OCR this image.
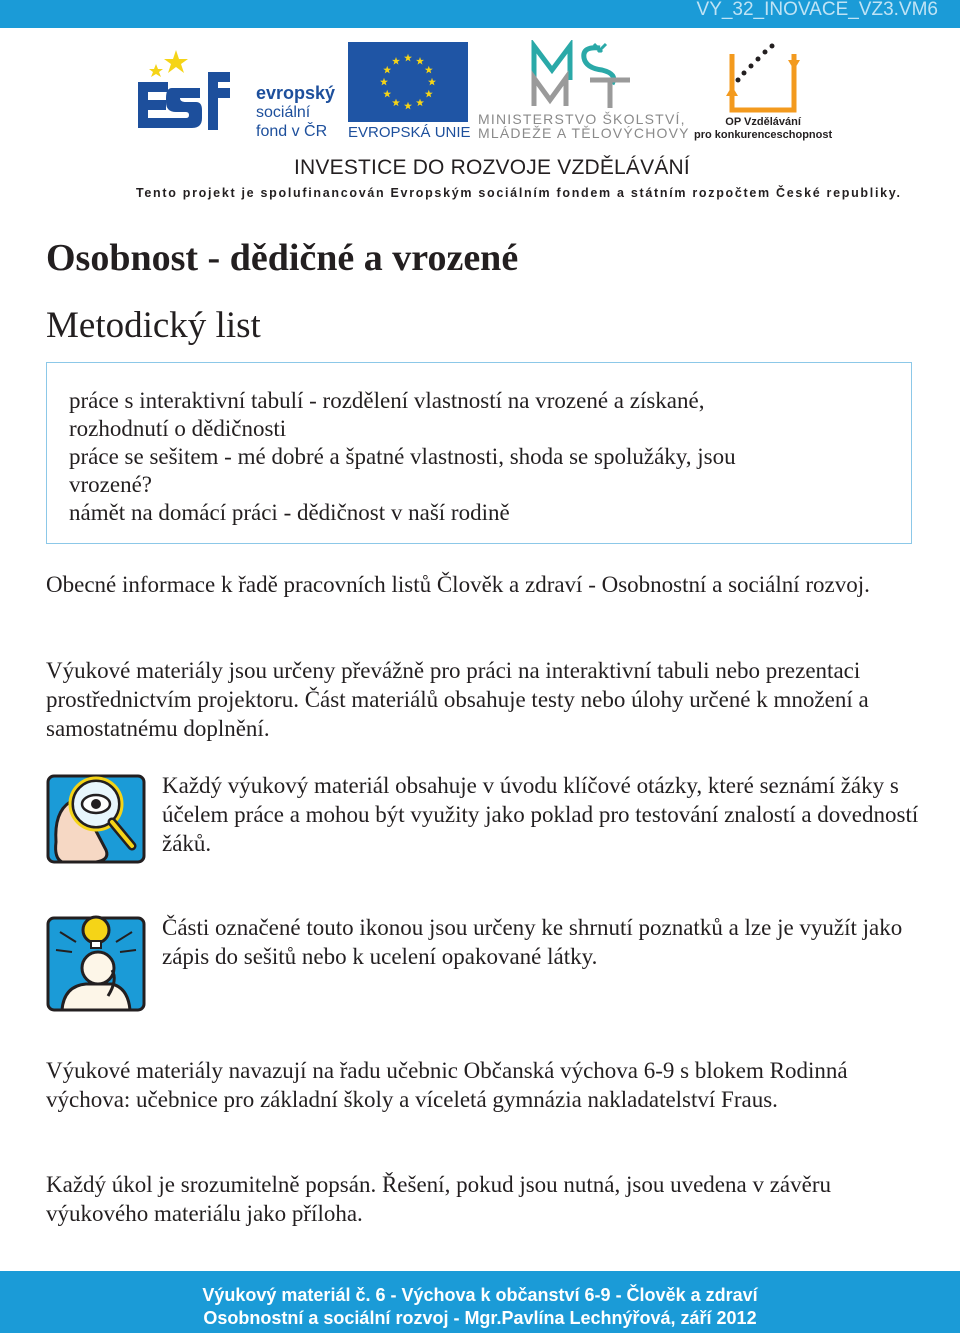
VY_32_INOVACE_VZ3.VM6
evropský
sociální
fond v ČR	EVROPSKÁ UNIE
MINISTERSTVO ŠKOLSTVÍ,
MLÁDEŽE A TĚLOVÝCHOVY
OP Vzdělávání
pro konkurenceschopnost
INVESTICE DO ROZVOJE VZDĚLÁVÁNÍ
Tento projekt je spolufinancován Evropským sociálním fondem a státním rozpočtem České republiky.
Osobnost - dědičné a vrozené
Metodický list

práce s interaktivní tabulí - rozdělení vlastností na vrozené a získané,

rozhodnutí o dědičnosti

práce se sešitem - mé dobré a špatné vlastnosti, shoda se spolužáky, jsou

vrozené?

námět na domácí práci - dědičnost v naší rodině

Obecné informace k řadě pracovních listů Člověk a zdraví - Osobnostní a sociální rozvoj.

Výukové materiály jsou určeny převážně pro práci na interaktivní tabuli nebo prezentaci prostřednictvím projektoru. Část materiálů obsahuje testy nebo úlohy určené k množení a samostatnému doplnění.

Každý výukový materiál obsahuje v úvodu klíčové otázky, které seznámí žáky s účelem práce a mohou být využity jako poklad pro testování znalostí a dovedností žáků.

Části označené touto ikonou jsou určeny ke shrnutí poznatků a lze je využít jako zápis do sešitů nebo k ucelení opakované látky.

Výukové materiály navazují na řadu učebnic Občanská výchova 6-9 s blokem Rodinná výchova: učebnice pro základní školy a víceletá gymnázia nakladatelství Fraus.

Každý úkol je srozumitelně popsán. Řešení, pokud jsou nutná, jsou uvedena v závěru výukového materiálu jako příloha.

Výukový materiál č. 6 - Výchova k občanství 6-9 - Člověk a zdraví
Osobnostní a sociální rozvoj - Mgr.Pavlína Lechnýřová, září 2012
